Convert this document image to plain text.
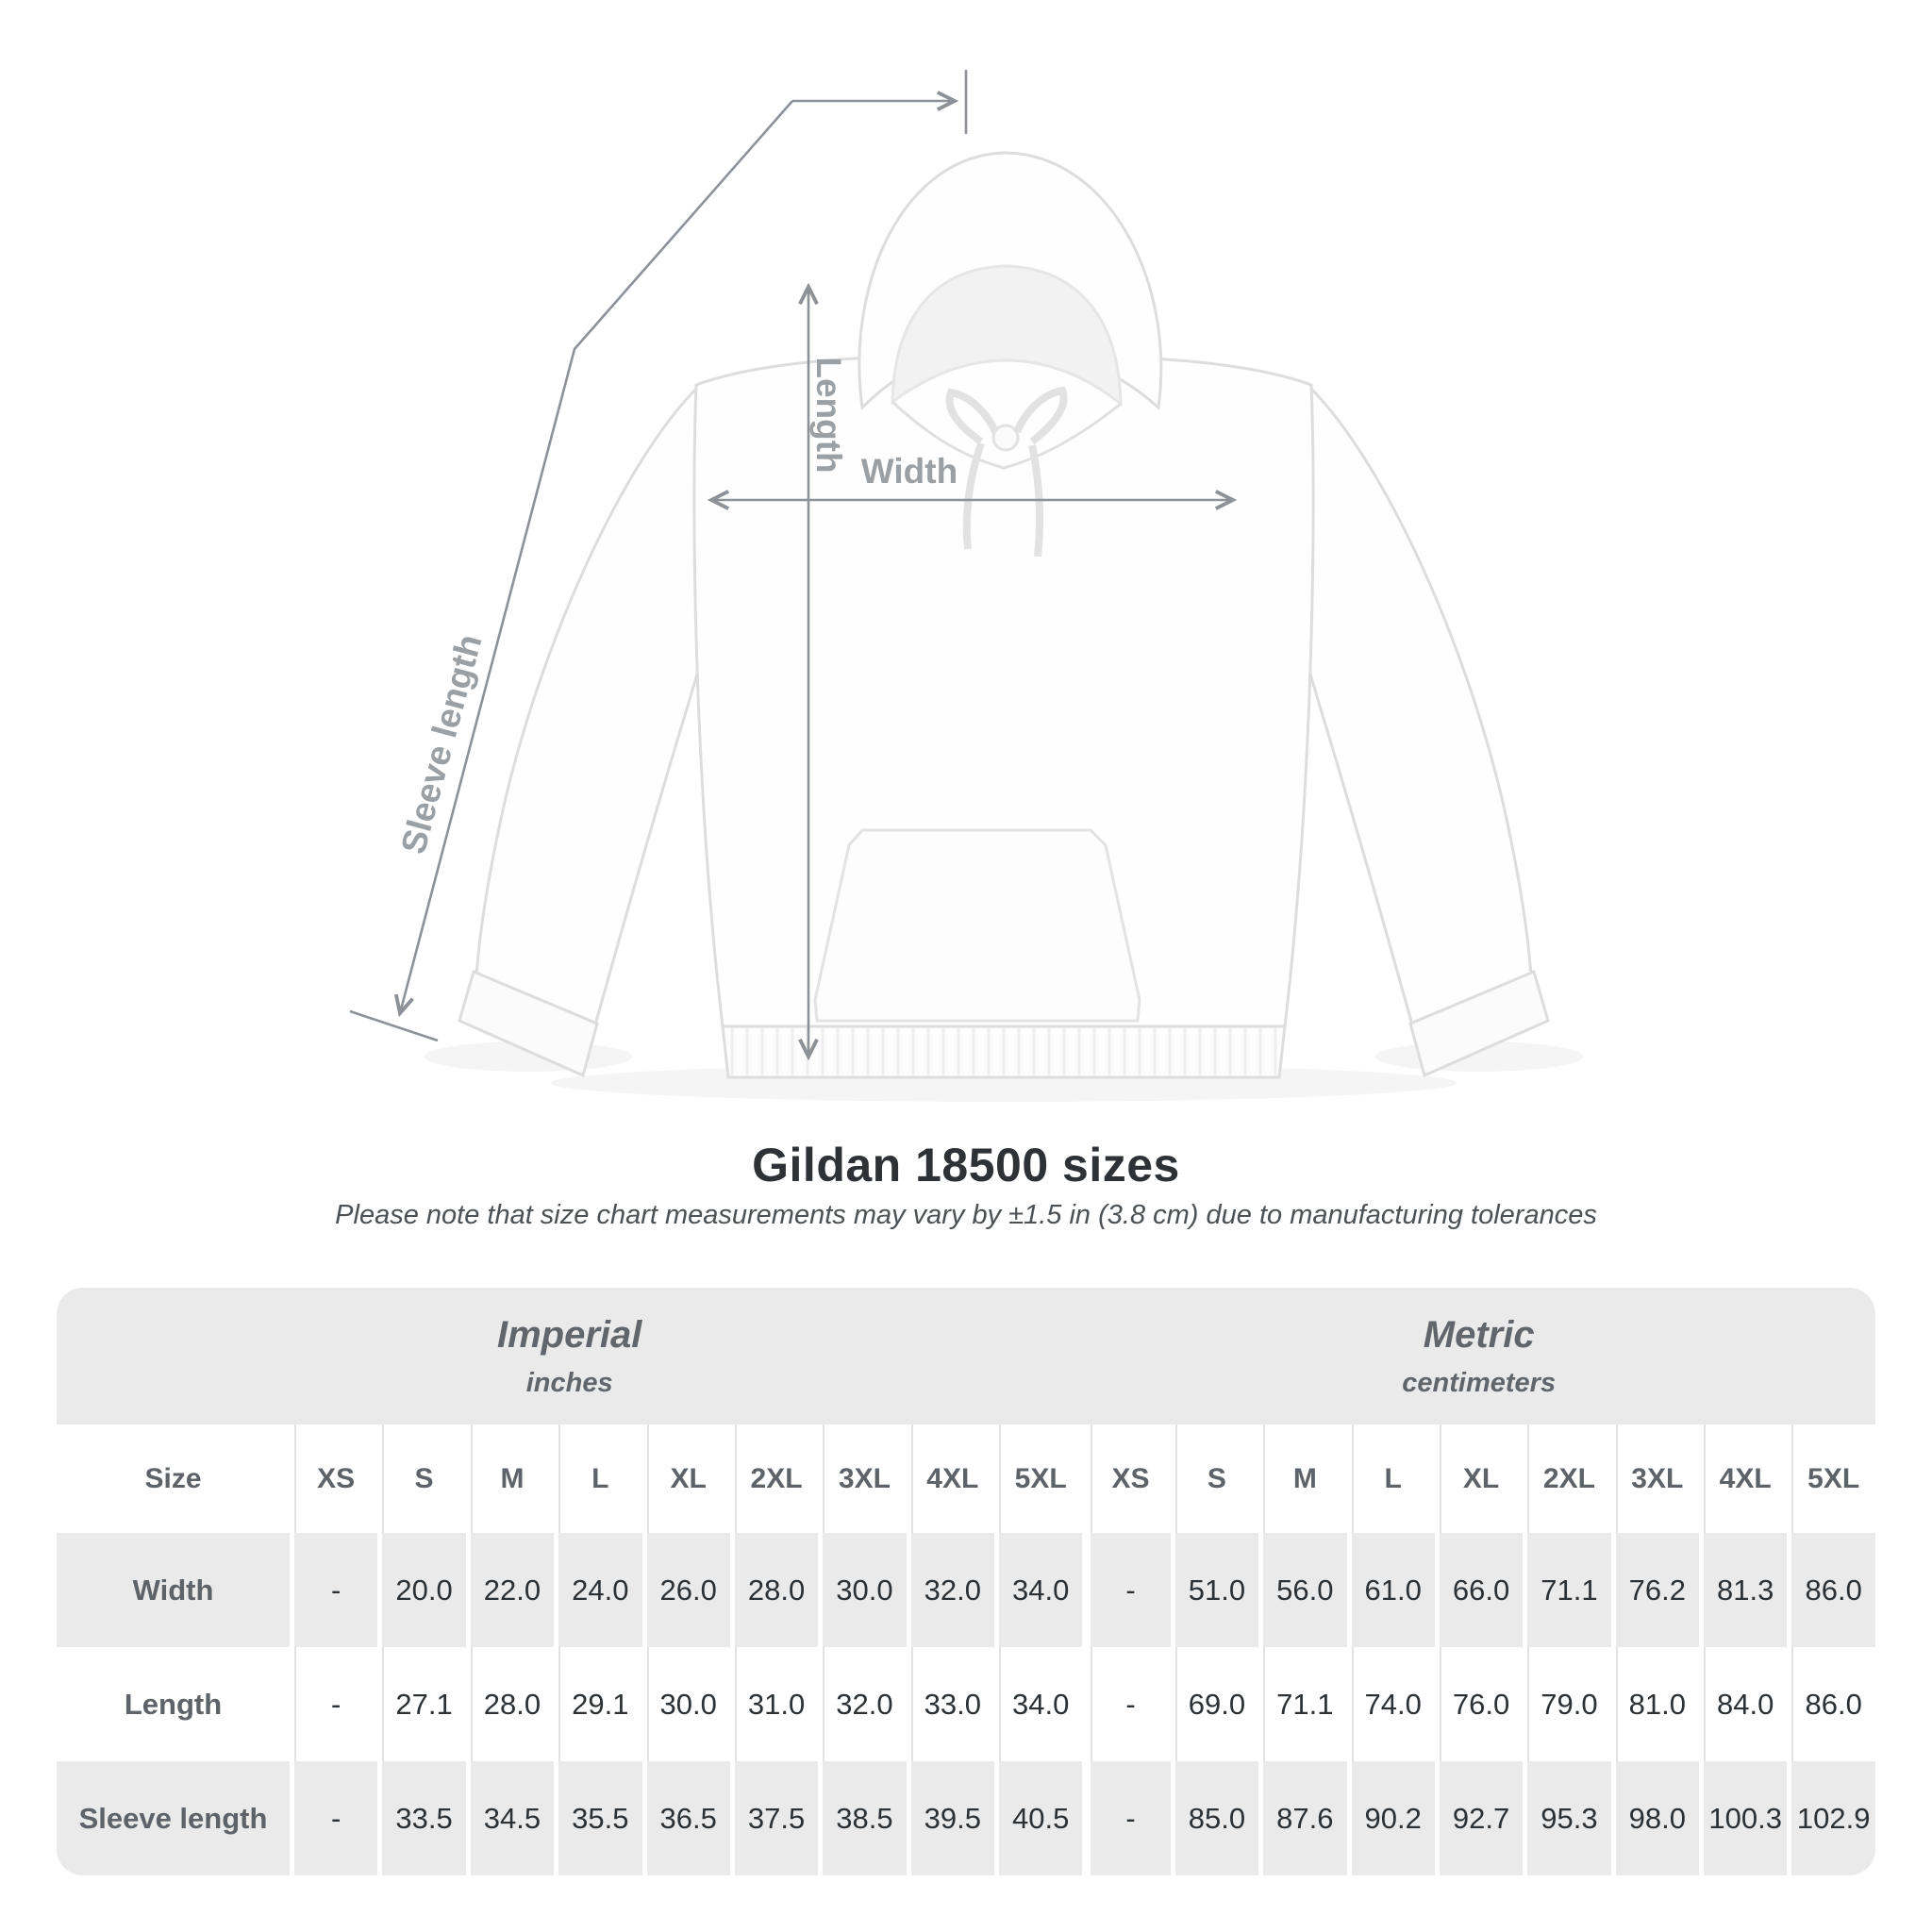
Width
Length
Sleeve length
Gildan 18500 sizes
Please note that size chart measurements may vary by ±1.5 in (3.8 cm) due to manufacturing tolerances
Imperial
inches

Metric
centimeters

Size	XS	S	M	L	XL	2XL	3XL	4XL	5XL	XS	S	M	L	XL	2XL	3XL	4XL	5XL
Width	-	20.0	22.0	24.0	26.0	28.0	30.0	32.0	34.0	-	51.0	56.0	61.0	66.0	71.1	76.2	81.3	86.0
Length	-	27.1	28.0	29.1	30.0	31.0	32.0	33.0	34.0	-	69.0	71.1	74.0	76.0	79.0	81.0	84.0	86.0
Sleeve length	-	33.5	34.5	35.5	36.5	37.5	38.5	39.5	40.5	-	85.0	87.6	90.2	92.7	95.3	98.0	100.3	102.9
